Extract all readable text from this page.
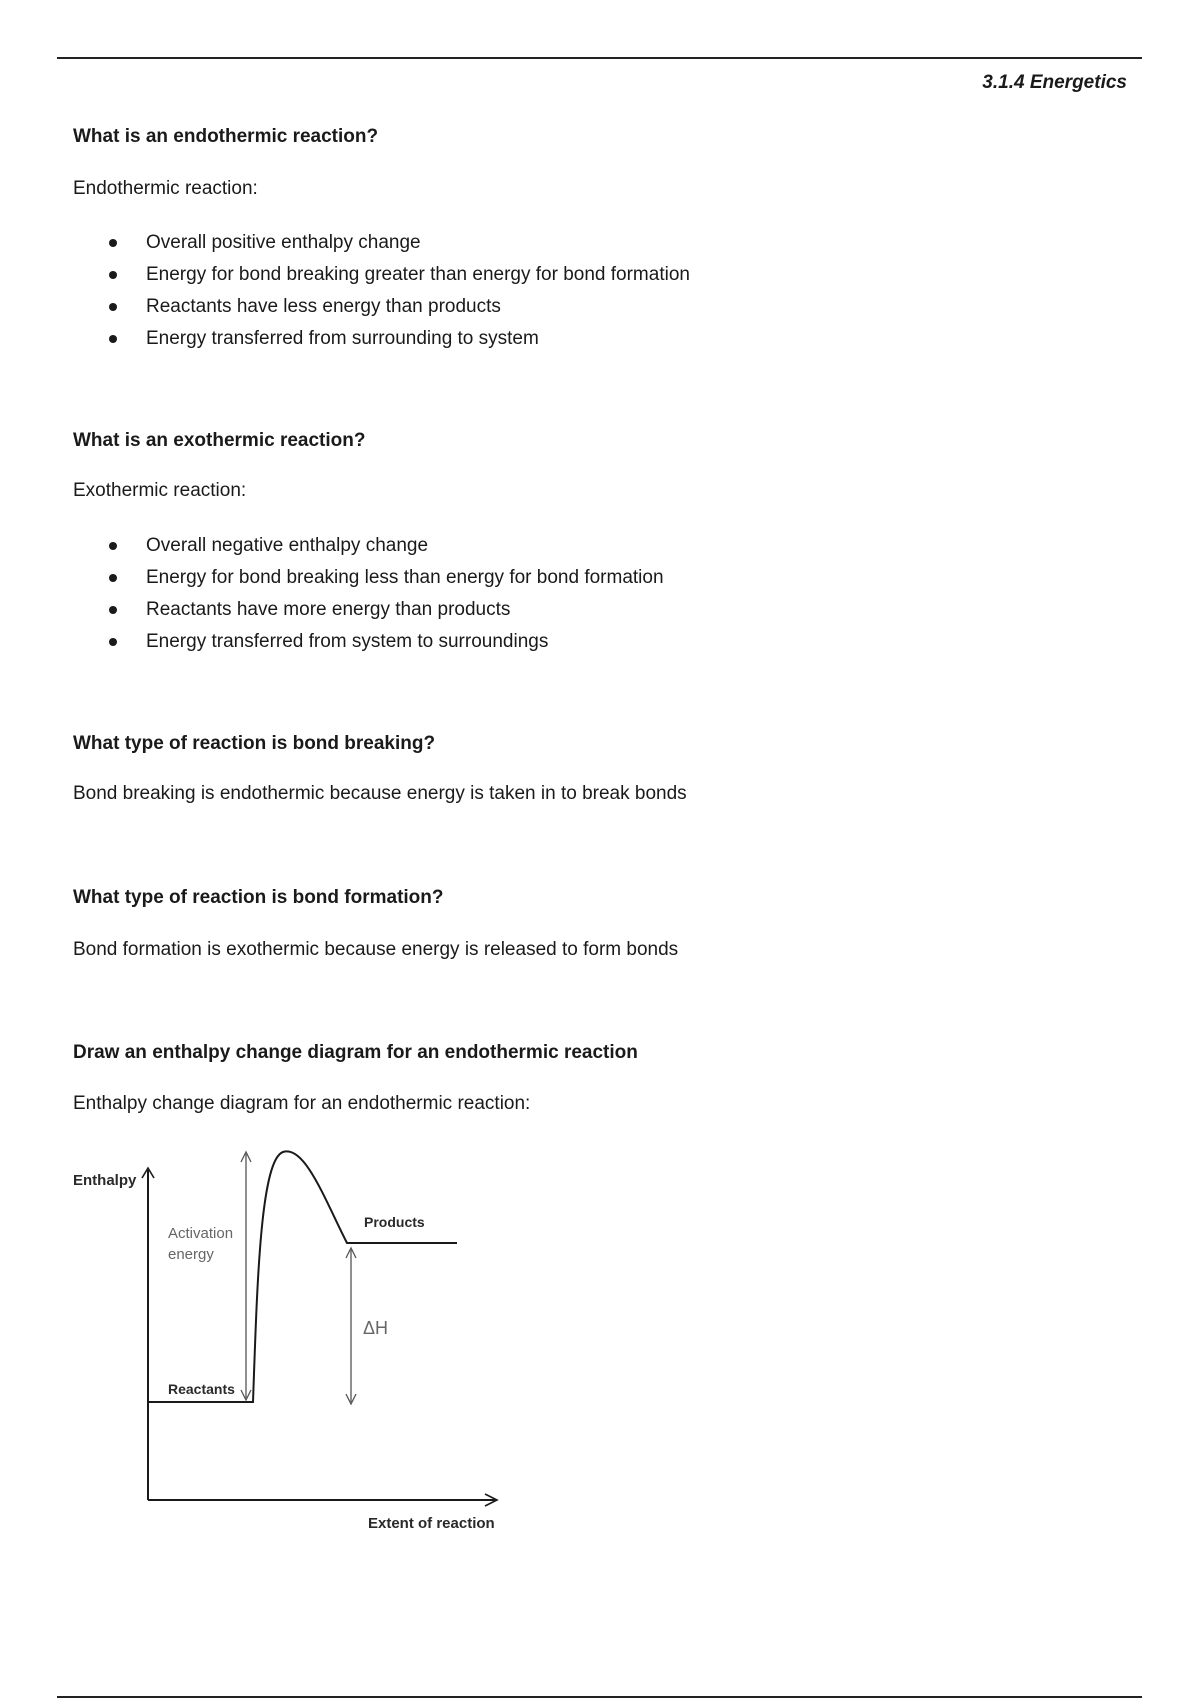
3.1.4 Energetics
What is an endothermic reaction?
Endothermic reaction:
Overall positive enthalpy change
Energy for bond breaking greater than energy for bond formation
Reactants have less energy than products
Energy transferred from surrounding to system
What is an exothermic reaction?
Exothermic reaction:
Overall negative enthalpy change
Energy for bond breaking less than energy for bond formation
Reactants have more energy than products
Energy transferred from system to surroundings
What type of reaction is bond breaking?
Bond breaking is endothermic because energy is taken in to break bonds
What type of reaction is bond formation?
Bond formation is exothermic because energy is released to form bonds
Draw an enthalpy change diagram for an endothermic reaction
Enthalpy change diagram for an endothermic reaction:
Enthalpy
Extent of reaction
Activation
energy
ΔH
Reactants
Products
